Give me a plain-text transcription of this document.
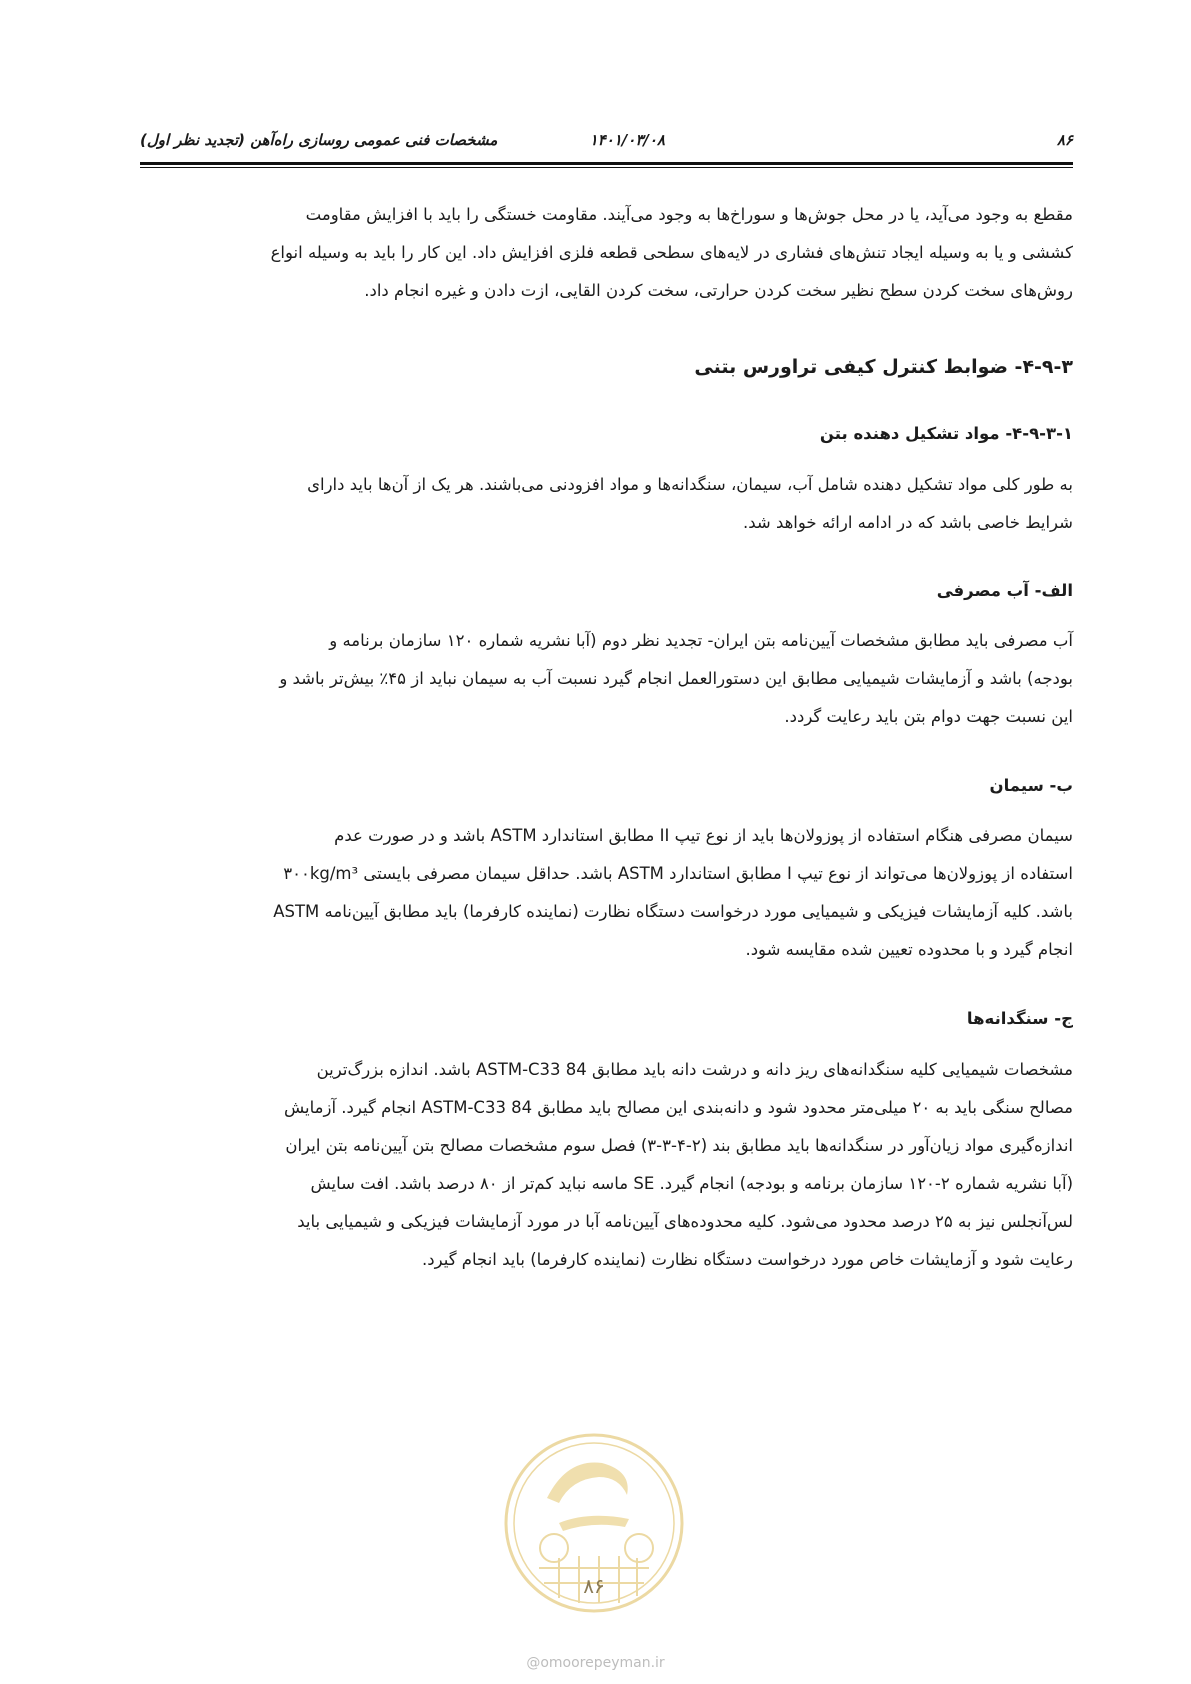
۸۶
۱۴۰۱/۰۳/۰۸
مشخصات فنی عمومی روسازی راه‌آهن (تجدید نظر اول)
مقطع به وجود می‌آید، یا در محل جوش‌ها و سوراخ‌ها به وجود می‌آیند. مقاومت خستگی را باید با افزایش مقاومت
کششی و یا به وسیله ایجاد تنش‌های فشاری در لایه‌های سطحی قطعه فلزی افزایش داد. این کار را باید به وسیله انواع
روش‌های سخت کردن سطح نظیر سخت کردن حرارتی، سخت کردن القایی، ازت دادن و غیره انجام داد.
۴-۹-۳- ضوابط کنترل کیفی تراورس بتنی
۴-۹-۳-۱- مواد تشکیل دهنده بتن
به طور کلی مواد تشکیل دهنده شامل آب، سیمان، سنگدانه‌ها و مواد افزودنی می‌باشند. هر یک از آن‌ها باید دارای
شرایط خاصی باشد که در ادامه ارائه خواهد شد.
الف- آب مصرفی
آب مصرفی باید مطابق مشخصات آیین‌نامه بتن ایران- تجدید نظر دوم (آبا نشریه شماره ۱۲۰ سازمان برنامه و
بودجه) باشد و آزمایشات شیمیایی مطابق این دستورالعمل انجام گیرد نسبت آب به سیمان نباید از ۴۵٪ بیش‌تر باشد و
این نسبت جهت دوام بتن باید رعایت گردد.
ب- سیمان
سیمان مصرفی هنگام استفاده از پوزولان‌ها باید از نوع تیپ II مطابق استاندارد ASTM باشد و در صورت عدم
استفاده از پوزولان‌ها می‌تواند از نوع تیپ I مطابق استاندارد ASTM باشد. حداقل سیمان مصرفی بایستی ۳۰۰kg/m³
باشد. کلیه آزمایشات فیزیکی و شیمیایی مورد درخواست دستگاه نظارت (نماینده کارفرما) باید مطابق آیین‌نامه ASTM
انجام گیرد و با محدوده تعیین شده مقایسه شود.
ج- سنگدانه‌ها
مشخصات شیمیایی کلیه سنگدانه‌های ریز دانه و درشت دانه باید مطابق ASTM-C33 84 باشد. اندازه بزرگ‌ترین
مصالح سنگی باید به ۲۰ میلی‌متر محدود شود و دانه‌بندی این مصالح باید مطابق ASTM-C33 84 انجام گیرد. آزمایش
اندازه‌گیری مواد زیان‌آور در سنگدانه‌ها باید مطابق بند (۲-۴-۳-۳) فصل سوم مشخصات مصالح بتن آیین‌نامه بتن ایران
(آبا نشریه شماره ۲-۱۲۰ سازمان برنامه و بودجه) انجام گیرد. SE ماسه نباید کم‌تر از ۸۰ درصد باشد. افت سایش
لس‌آنجلس نیز به ۲۵ درصد محدود می‌شود. کلیه محدوده‌های آیین‌نامه آبا در مورد آزمایشات فیزیکی و شیمیایی باید
رعایت شود و آزمایشات خاص مورد درخواست دستگاه نظارت (نماینده کارفرما) باید انجام گیرد.
۸۶
@omoorepeyman.ir
